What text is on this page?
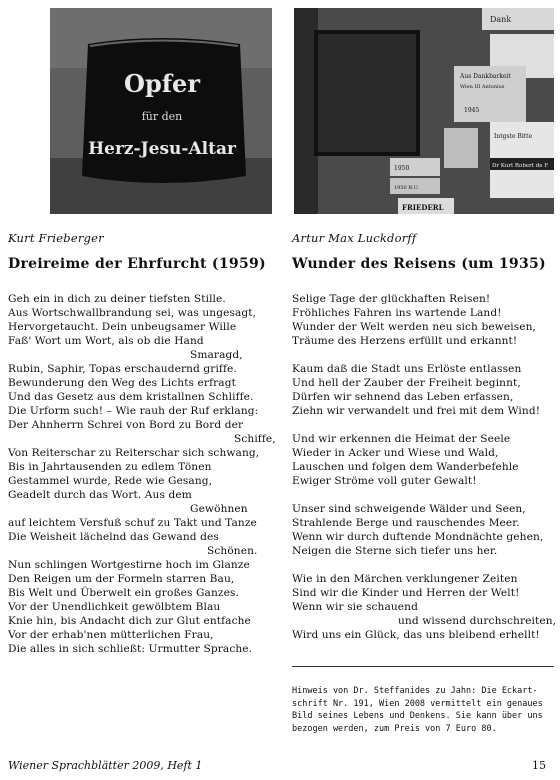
Opfer
für den
Herz-Jesu-Altar
Dank
Aus Dankbarkeit
Wien III Antonius
1945
Intgste Bitte
Dr Kurt Robert de F
1950
1950 B.U.
FRIEDERL
Kurt Frieberger
Dreireime der Ehrfurcht (1959)
Geh ein in dich zu deiner tiefsten Stille.
Aus Wortschwallbrandung sei, was ungesagt,
Hervorgetaucht. Dein unbeugsamer Wille
Faß' Wort um Wort, als ob die Hand
Smaragd,
Rubin, Saphir, Topas erschaudernd griffe.
Bewunderung den Weg des Lichts erfragt
Und das Gesetz aus dem kristallnen Schliffe.
Die Urform such! – Wie rauh der Ruf erklang:
Der Ahnherrn Schrei von Bord zu Bord der
Schiffe,
Von Reiterschar zu Reiterschar sich schwang,
Bis in Jahrtausenden zu edlem Tönen
Gestammel wurde, Rede wie Gesang,
Geadelt durch das Wort. Aus dem
Gewöhnen
auf leichtem Versfuß schuf zu Takt und Tanze
Die Weisheit lächelnd das Gewand des
Schönen.
Nun schlingen Wortgestirne hoch im Glanze
Den Reigen um der Formeln starren Bau,
Bis Welt und Überwelt ein großes Ganzes.
Vor der Unendlichkeit gewölbtem Blau
Knie hin, bis Andacht dich zur Glut entfache
Vor der erhab'nen mütterlichen Frau,
Die alles in sich schließt: Urmutter Sprache.
Artur Max Luckdorff
Wunder des Reisens (um 1935)
Selige Tage der glückhaften Reisen!
Fröhliches Fahren ins wartende Land!
Wunder der Welt werden neu sich beweisen,
Träume des Herzens erfüllt und erkannt!
Kaum daß die Stadt uns Erlöste entlassen
Und hell der Zauber der Freiheit beginnt,
Dürfen wir sehnend das Leben erfassen,
Ziehn wir verwandelt und frei mit dem Wind!
Und wir erkennen die Heimat der Seele
Wieder in Acker und Wiese und Wald,
Lauschen und folgen dem Wanderbefehle
Ewiger Ströme voll guter Gewalt!
Unser sind schweigende Wälder und Seen,
Strahlende Berge und rauschendes Meer.
Wenn wir durch duftende Mondnächte gehen,
Neigen die Sterne sich tiefer uns her.
Wie in den Märchen verklungener Zeiten
Sind wir die Kinder und Herren der Welt!
Wenn wir sie schauend
und wissend durchschreiten,
Wird uns ein Glück, das uns bleibend erhellt!
Hinweis von Dr. Steffanides zu Jahn: Die Eckart-schrift Nr. 191, Wien 2008 vermittelt ein genaues Bild seines Lebens und Denkens. Sie kann über uns bezogen werden, zum Preis von 7 Euro 80.
Wiener Sprachblätter 2009, Heft 1	15
